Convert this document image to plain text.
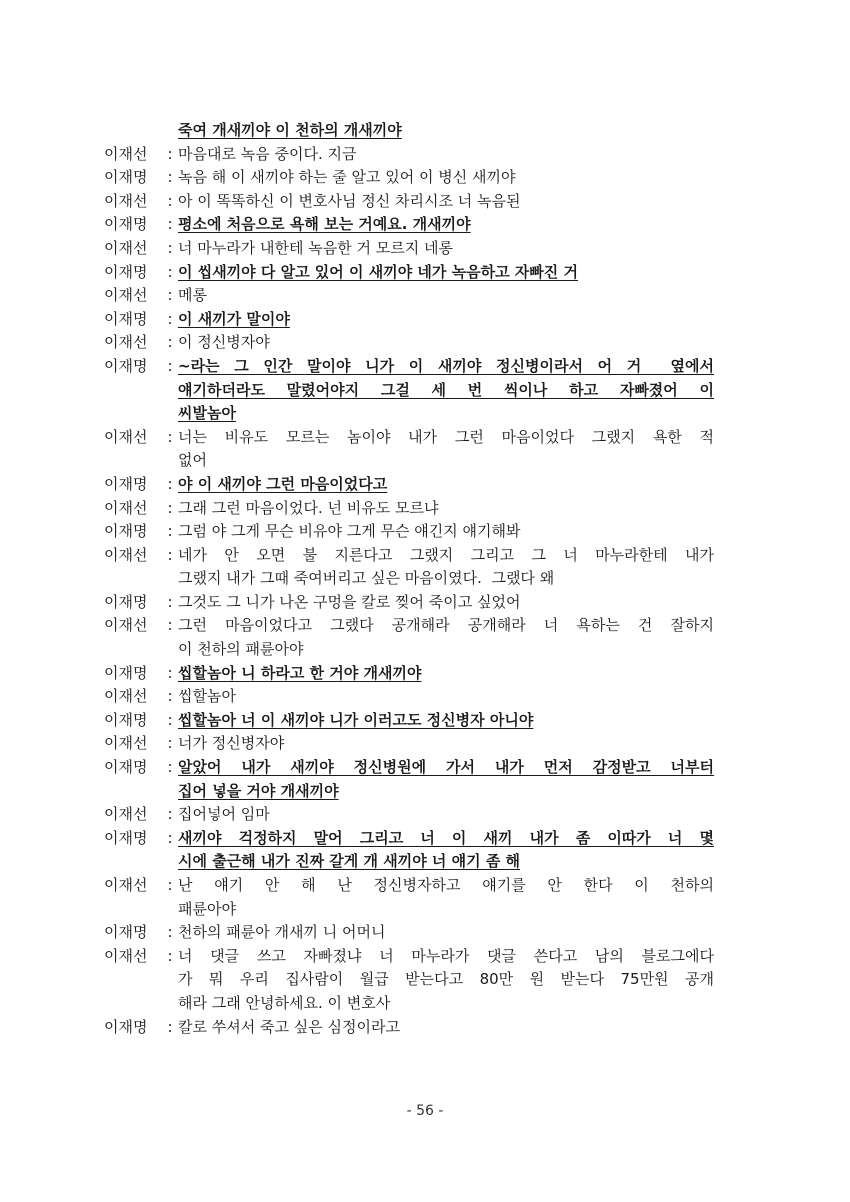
죽여 개새끼야 이 천하의 개새끼야
이재선	: 마음대로 녹음 중이다. 지금
이재명	: 녹음 해 이 새끼야 하는 줄 알고 있어 이 병신 새끼야
이재선	: 아 이 똑똑하신 이 변호사님 정신 차리시조 너 녹음된
이재명	: 평소에 처음으로 욕해 보는 거예요. 개새끼야
이재선	: 너 마누라가 내한테 녹음한 거 모르지 네롱
이재명	: 이 씹새끼야 다 알고 있어 이 새끼야 네가 녹음하고 자빠진 거
이재선	: 메롱
이재명	: 이 새끼가 말이야
이재선	: 이 정신병자야
이재명	: ~라는 그 인간 말이야 니가 이 새끼야 정신병이라서 어 거  옆에서
얘기하더라도 말렸어야지 그걸 세 번 씩이나 하고 자빠졌어 이
씨발놈아
이재선	: 너는 비유도 모르는 놈이야 내가 그런 마음이었다 그랬지 욕한 적
없어
이재명	: 야 이 새끼야 그런 마음이었다고
이재선	: 그래 그런 마음이었다. 넌 비유도 모르냐
이재명	: 그럼 야 그게 무슨 비유야 그게 무슨 얘긴지 얘기해봐
이재선	: 네가 안 오면 불 지른다고 그랬지 그리고 그 너 마누라한테 내가
그랬지 내가 그때 죽여버리고 싶은 마음이였다.  그랬다 왜
이재명	: 그것도 그 니가 나온 구멍을 칼로 찢어 죽이고 싶었어
이재선	: 그런 마음이었다고 그랬다 공개해라 공개해라 너 욕하는 건 잘하지
이 천하의 패륜아야
이재명	: 씹할놈아 니 하라고 한 거야 개새끼야
이재선	: 씹할놈아
이재명	: 씹할놈아 너 이 새끼야 니가 이러고도 정신병자 아니야
이재선	: 너가 정신병자야
이재명	: 알았어 내가 새끼야 정신병원에 가서 내가 먼저 감정받고 너부터
집어 넣을 거야 개새끼야
이재선	: 집어넣어 임마
이재명	: 새끼야 걱정하지 말어 그리고 너 이 새끼 내가 좀 이따가 너 몇
시에 출근해 내가 진짜 갈게 개 새끼야 너 얘기 좀 해
이재선	: 난 얘기 안 해 난 정신병자하고 얘기를 안 한다 이 천하의
패륜아야
이재명	: 천하의 패륜아 개새끼 니 어머니
이재선	: 너 댓글 쓰고 자빠졌냐 너 마누라가 댓글 쓴다고 남의 블로그에다
가 뭐 우리 집사람이 월급 받는다고 80만 원 받는다 75만원 공개
해라 그래 안녕하세요. 이 변호사
이재명	: 칼로 쑤셔서 죽고 싶은 심정이라고
- 56 -
